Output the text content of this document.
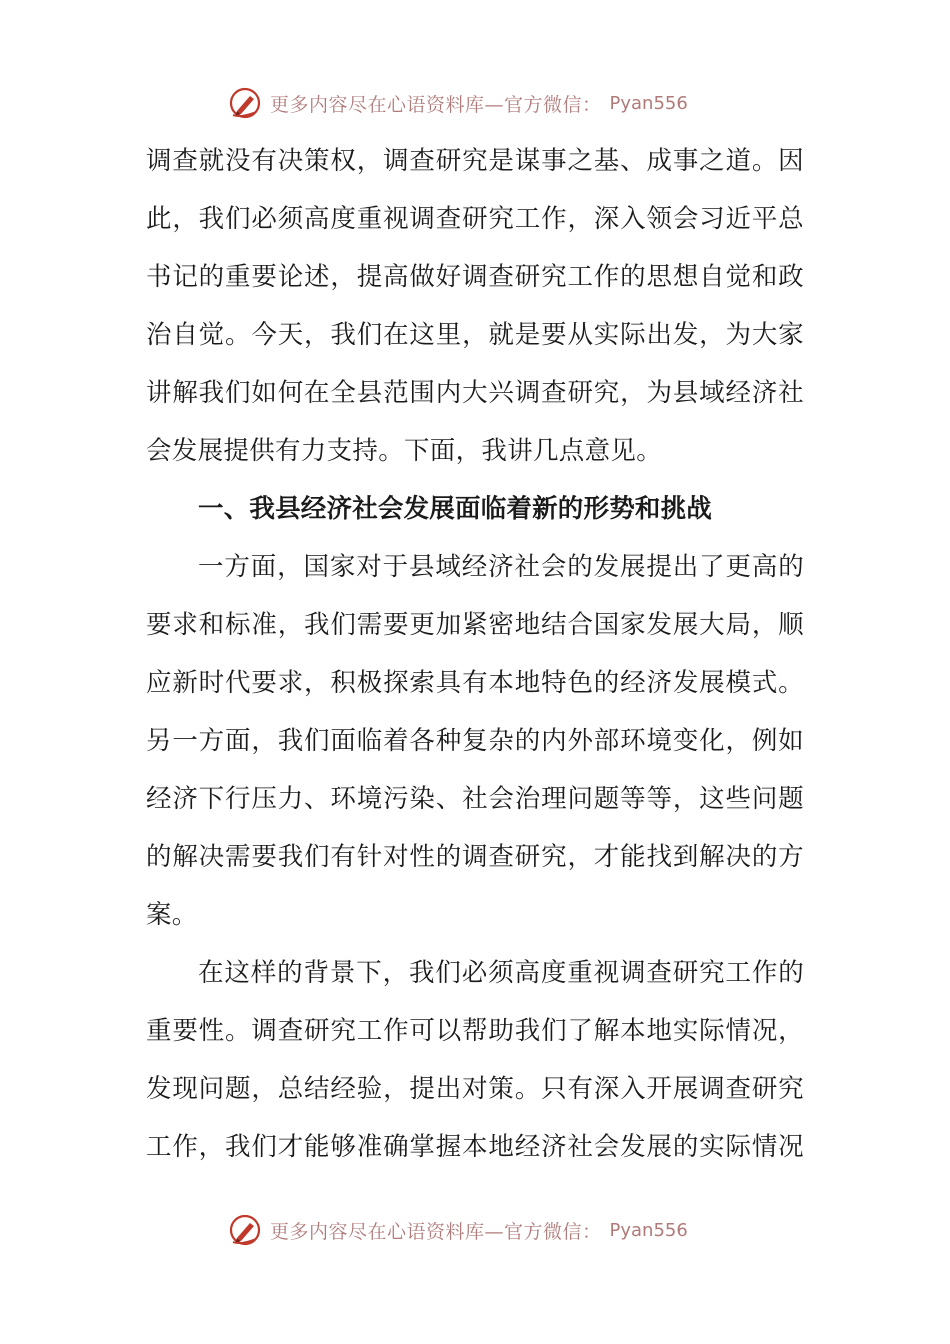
更多内容尽在心语资料库—官方微信： Pyan556
调查就没有决策权，调查研究是谋事之基、成事之道。因
此，我们必须高度重视调查研究工作，深入领会习近平总
书记的重要论述，提高做好调查研究工作的思想自觉和政
治自觉。今天，我们在这里，就是要从实际出发，为大家
讲解我们如何在全县范围内大兴调查研究，为县域经济社
会发展提供有力支持。下面，我讲几点意见。
一、我县经济社会发展面临着新的形势和挑战
一方面，国家对于县域经济社会的发展提出了更高的
要求和标准，我们需要更加紧密地结合国家发展大局，顺
应新时代要求，积极探索具有本地特色的经济发展模式。
另一方面，我们面临着各种复杂的内外部环境变化，例如
经济下行压力、环境污染、社会治理问题等等，这些问题
的解决需要我们有针对性的调查研究，才能找到解决的方
案。
在这样的背景下，我们必须高度重视调查研究工作的
重要性。调查研究工作可以帮助我们了解本地实际情况，
发现问题，总结经验，提出对策。只有深入开展调查研究
工作，我们才能够准确掌握本地经济社会发展的实际情况
更多内容尽在心语资料库—官方微信： Pyan556
